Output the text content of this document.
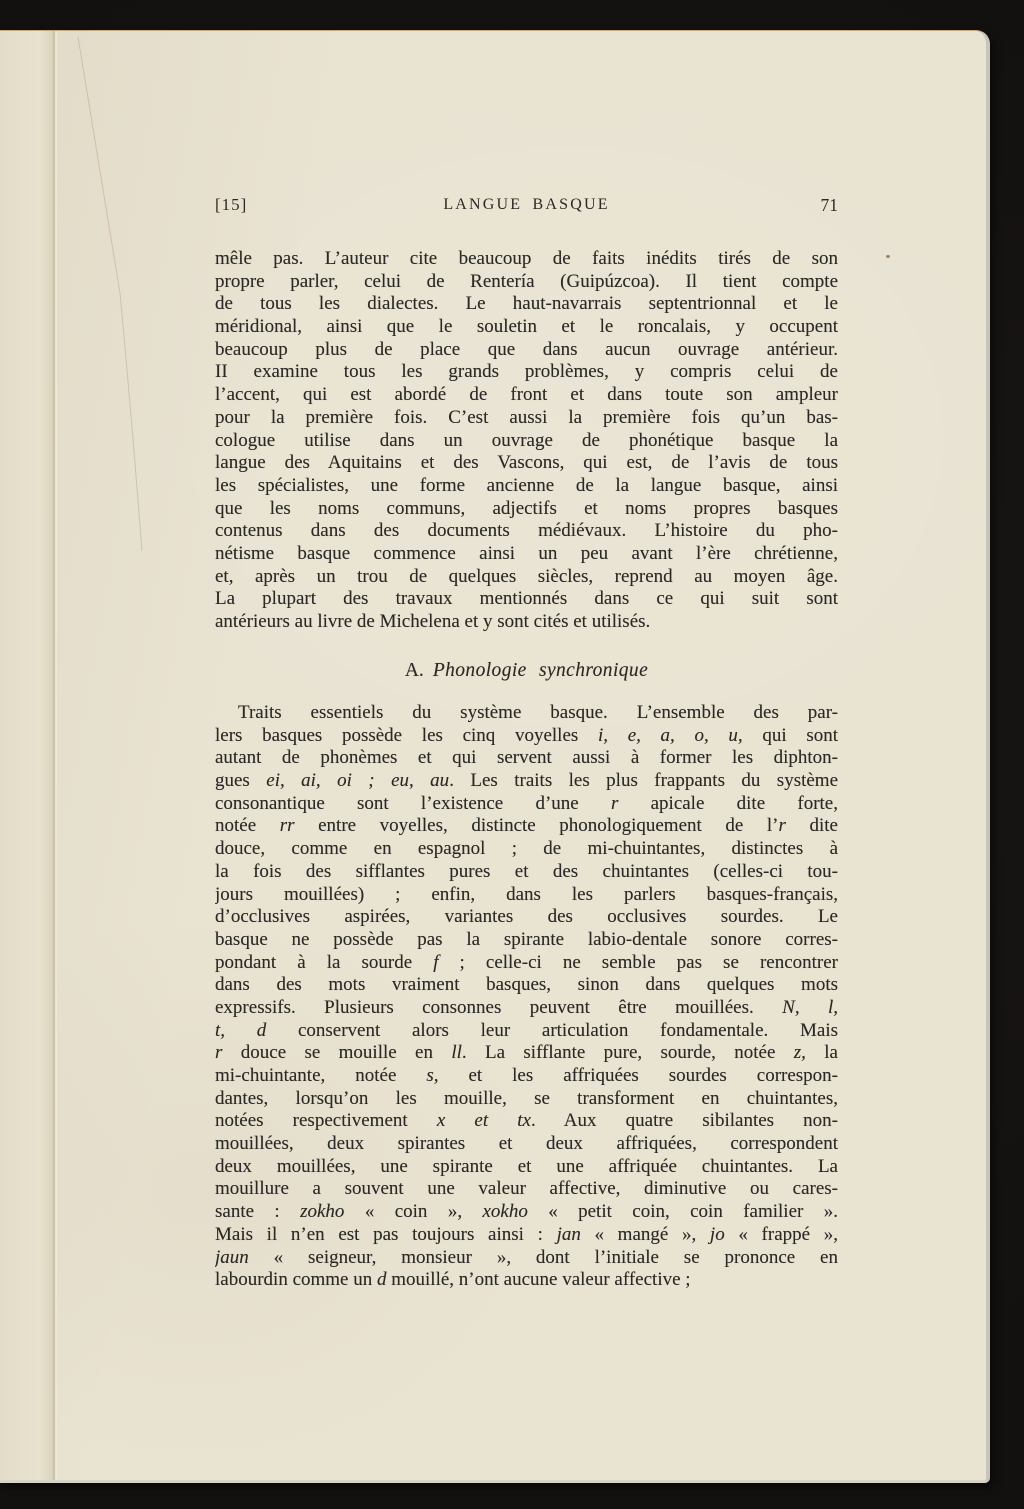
[15]	LANGUE BASQUE	71
mêle pas. L’auteur cite beaucoup de faits inédits tirés de son
propre parler, celui de Rentería (Guipúzcoa). Il tient compte
de tous les dialectes. Le haut-navarrais septentrionnal et le
méridional, ainsi que le souletin et le roncalais, y occupent
beaucoup plus de place que dans aucun ouvrage antérieur.
II examine tous les grands problèmes, y compris celui de
l’accent, qui est abordé de front et dans toute son ampleur
pour la première fois. C’est aussi la première fois qu’un bas-
cologue utilise dans un ouvrage de phonétique basque la
langue des Aquitains et des Vascons, qui est, de l’avis de tous
les spécialistes, une forme ancienne de la langue basque, ainsi
que les noms communs, adjectifs et noms propres basques
contenus dans des documents médiévaux. L’histoire du pho-
nétisme basque commence ainsi un peu avant l’ère chrétienne,
et, après un trou de quelques siècles, reprend au moyen âge.
La plupart des travaux mentionnés dans ce qui suit sont
antérieurs au livre de Michelena et y sont cités et utilisés.
A. Phonologie synchronique
Traits essentiels du système basque. L’ensemble des par-
lers basques possède les cinq voyelles i, e, a, o, u, qui sont
autant de phonèmes et qui servent aussi à former les diphton-
gues ei, ai, oi ; eu, au. Les traits les plus frappants du système
consonantique sont l’existence d’une r apicale dite forte,
notée rr entre voyelles, distincte phonologiquement de l’r dite
douce, comme en espagnol ; de mi-chuintantes, distinctes à
la fois des sifflantes pures et des chuintantes (celles-ci tou-
jours mouillées) ; enfin, dans les parlers basques-français,
d’occlusives aspirées, variantes des occlusives sourdes. Le
basque ne possède pas la spirante labio-dentale sonore corres-
pondant à la sourde f ; celle-ci ne semble pas se rencontrer
dans des mots vraiment basques, sinon dans quelques mots
expressifs. Plusieurs consonnes peuvent être mouillées. N, l,
t, d conservent alors leur articulation fondamentale. Mais
r douce se mouille en ll. La sifflante pure, sourde, notée z, la
mi-chuintante, notée s, et les affriquées sourdes correspon-
dantes, lorsqu’on les mouille, se transforment en chuintantes,
notées respectivement x et tx. Aux quatre sibilantes non-
mouillées, deux spirantes et deux affriquées, correspondent
deux mouillées, une spirante et une affriquée chuintantes. La
mouillure a souvent une valeur affective, diminutive ou cares-
sante : zokho « coin », xokho « petit coin, coin familier ».
Mais il n’en est pas toujours ainsi : jan « mangé », jo « frappé »,
jaun « seigneur, monsieur », dont l’initiale se prononce en
labourdin comme un d mouillé, n’ont aucune valeur affective ;
